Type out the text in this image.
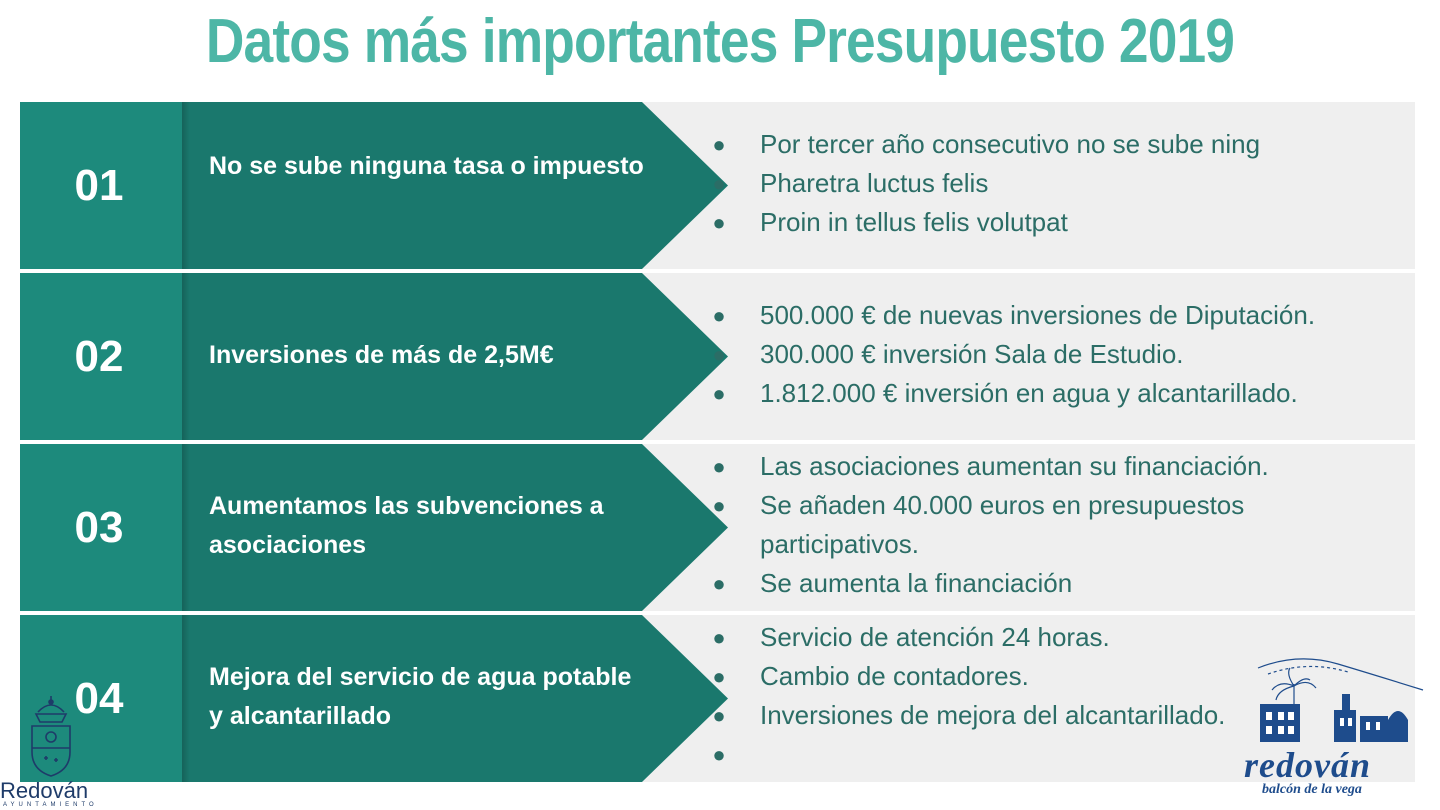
Datos más importantes Presupuesto 2019
01	No se sube ninguna tasa o impuesto
● Por tercer año consecutivo no se sube ning
● Pharetra luctus felis
● Proin in tellus felis volutpat
02	Inversiones de más de 2,5M€
● 500.000 € de nuevas inversiones de Diputación.
● 300.000 € inversión Sala de Estudio.
● 1.812.000 € inversión en agua y alcantarillado.
03	Aumentamos las subvenciones a asociaciones
● Las asociaciones aumentan su financiación.
● Se añaden 40.000 euros en presupuestos participativos.
● Se aumenta la financiación
04	Mejora del servicio de agua potable y alcantarillado
● Servicio de atención 24 horas.
● Cambio de contadores.
● Inversiones de mejora del alcantarillado.
●
Redován
AYUNTAMIENTO
redován
balcón de la vega
